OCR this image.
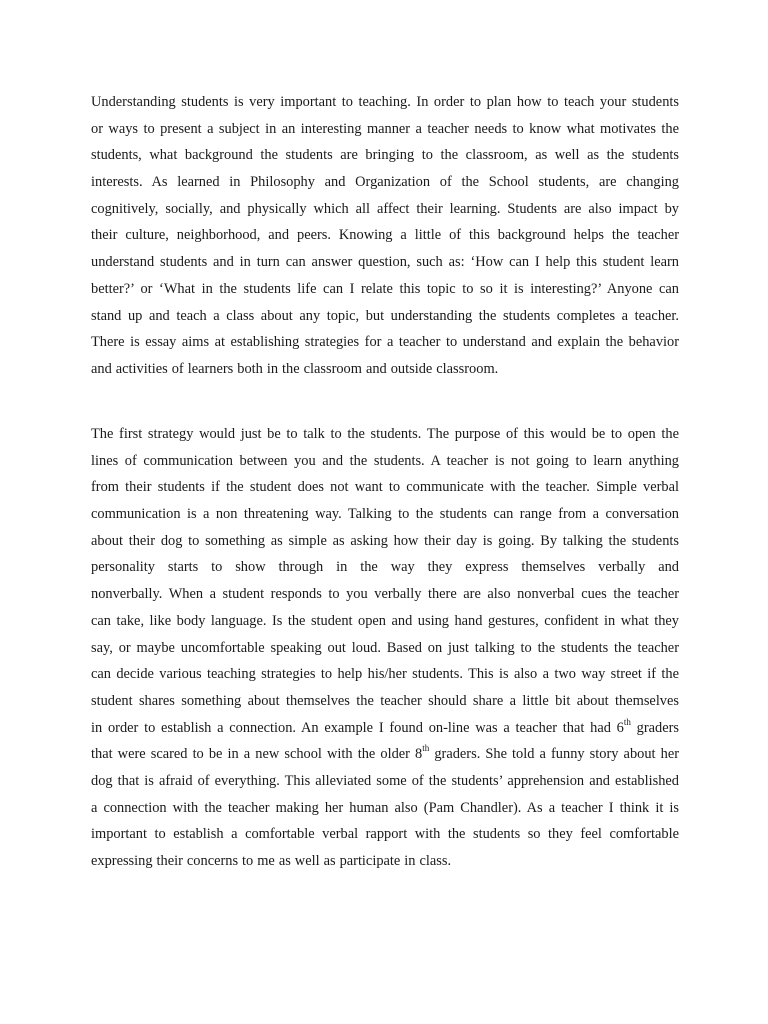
Understanding students is very important to teaching. In order to plan how to teach your students
or ways to present a subject in an interesting manner a teacher needs to know what motivates the
students, what background the students are bringing to the classroom, as well as the students
interests. As learned in Philosophy and Organization of the School students, are changing
cognitively, socially, and physically which all affect their learning. Students are also impact by
their culture, neighborhood, and peers. Knowing a little of this background helps the teacher
understand students and in turn can answer question, such as: ‘How can I help this student learn
better?’ or ‘What in the students life can I relate this topic to so it is interesting?’ Anyone can
stand up and teach a class about any topic, but understanding the students completes a teacher.
There is essay aims at establishing strategies for a teacher to understand and explain the behavior
and activities of learners both in the classroom and outside classroom.
The first strategy would just be to talk to the students. The purpose of this would be to open the
lines of communication between you and the students. A teacher is not going to learn anything
from their students if the student does not want to communicate with the teacher. Simple verbal
communication is a non threatening way. Talking to the students can range from a conversation
about their dog to something as simple as asking how their day is going. By talking the students
personality starts to show through in the way they express themselves verbally and
nonverbally. When a student responds to you verbally there are also nonverbal cues the teacher
can take, like body language. Is the student open and using hand gestures, confident in what they
say, or maybe uncomfortable speaking out loud. Based on just talking to the students the teacher
can decide various teaching strategies to help his/her students. This is also a two way street if the
student shares something about themselves the teacher should share a little bit about themselves
in order to establish a connection. An example I found on-line was a teacher that had 6th graders
that were scared to be in a new school with the older 8th graders. She told a funny story about her
dog that is afraid of everything. This alleviated some of the students’ apprehension and established
a connection with the teacher making her human also (Pam Chandler). As a teacher I think it is
important to establish a comfortable verbal rapport with the students so they feel comfortable
expressing their concerns to me as well as participate in class.
